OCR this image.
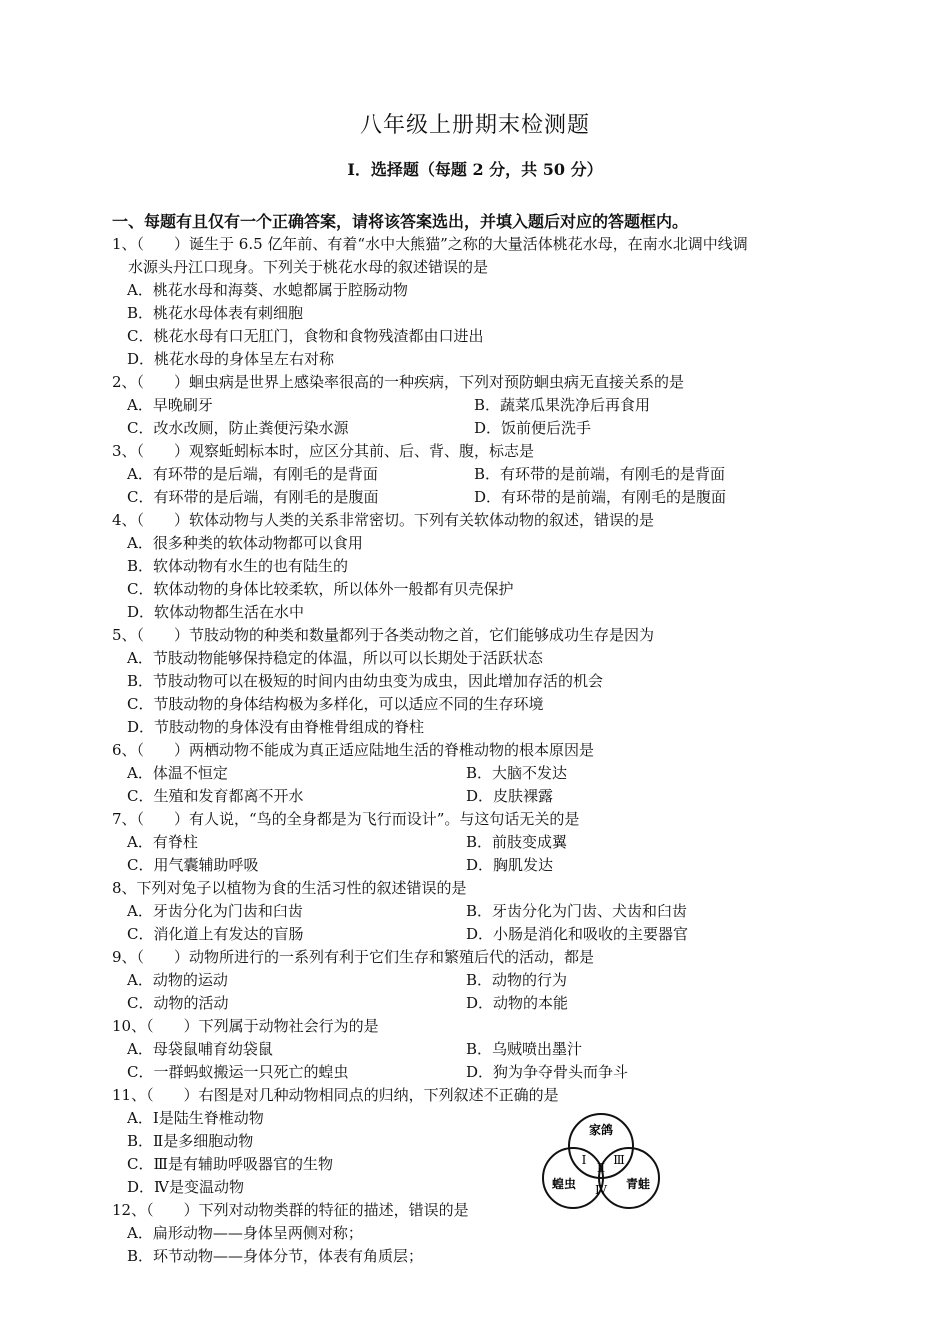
八年级上册期末检测题
Ⅰ．选择题（每题 2 分，共 50 分）
一、每题有且仅有一个正确答案，请将该答案选出，并填入题后对应的答题框内。
1、（　　）诞生于 6.5 亿年前、有着“水中大熊猫”之称的大量活体桃花水母，在南水北调中线调
水源头丹江口现身。下列关于桃花水母的叙述错误的是
A．桃花水母和海葵、水螅都属于腔肠动物
B．桃花水母体表有刺细胞
C．桃花水母有口无肛门，食物和食物残渣都由口进出
D．桃花水母的身体呈左右对称
2、（　　）蛔虫病是世界上感染率很高的一种疾病，下列对预防蛔虫病无直接关系的是
A．早晚刷牙	B．蔬菜瓜果洗净后再食用
C．改水改厕，防止粪便污染水源	D．饭前便后洗手
3、（　　）观察蚯蚓标本时，应区分其前、后、背、腹，标志是
A．有环带的是后端，有刚毛的是背面	B．有环带的是前端，有刚毛的是背面
C．有环带的是后端，有刚毛的是腹面	D．有环带的是前端，有刚毛的是腹面
4、（　　）软体动物与人类的关系非常密切。下列有关软体动物的叙述，错误的是
A．很多种类的软体动物都可以食用
B．软体动物有水生的也有陆生的
C．软体动物的身体比较柔软，所以体外一般都有贝壳保护
D．软体动物都生活在水中
5、（　　）节肢动物的种类和数量都列于各类动物之首，它们能够成功生存是因为
A．节肢动物能够保持稳定的体温，所以可以长期处于活跃状态
B．节肢动物可以在极短的时间内由幼虫变为成虫，因此增加存活的机会
C．节肢动物的身体结构极为多样化，可以适应不同的生存环境
D．节肢动物的身体没有由脊椎骨组成的脊柱
6、（　　）两栖动物不能成为真正适应陆地生活的脊椎动物的根本原因是
A．体温不恒定	B．大脑不发达
C．生殖和发育都离不开水	D．皮肤裸露
7、（　　）有人说，“鸟的全身都是为飞行而设计”。与这句话无关的是
A．有脊柱	B．前肢变成翼
C．用气囊辅助呼吸	D．胸肌发达
8、下列对兔子以植物为食的生活习性的叙述错误的是
A．牙齿分化为门齿和臼齿	B．牙齿分化为门齿、犬齿和臼齿
C．消化道上有发达的盲肠	D．小肠是消化和吸收的主要器官
9、（　　）动物所进行的一系列有利于它们生存和繁殖后代的活动，都是
A．动物的运动	B．动物的行为
C．动物的活动	D．动物的本能
10、（　　）下列属于动物社会行为的是
A．母袋鼠哺育幼袋鼠	B．乌贼喷出墨汁
C．一群蚂蚁搬运一只死亡的蝗虫	D．狗为争夺骨头而争斗
11、（　　）右图是对几种动物相同点的归纳，下列叙述不正确的是
A．Ⅰ是陆生脊椎动物
B．Ⅱ是多细胞动物
C．Ⅲ是有辅助呼吸器官的生物
D．Ⅳ是变温动物
家鸽
蝗虫	青蛙
Ⅰ
Ⅱ
Ⅲ
Ⅳ
12、（　　）下列对动物类群的特征的描述，错误的是
A．扁形动物——身体呈两侧对称；
B．环节动物——身体分节，体表有角质层；
